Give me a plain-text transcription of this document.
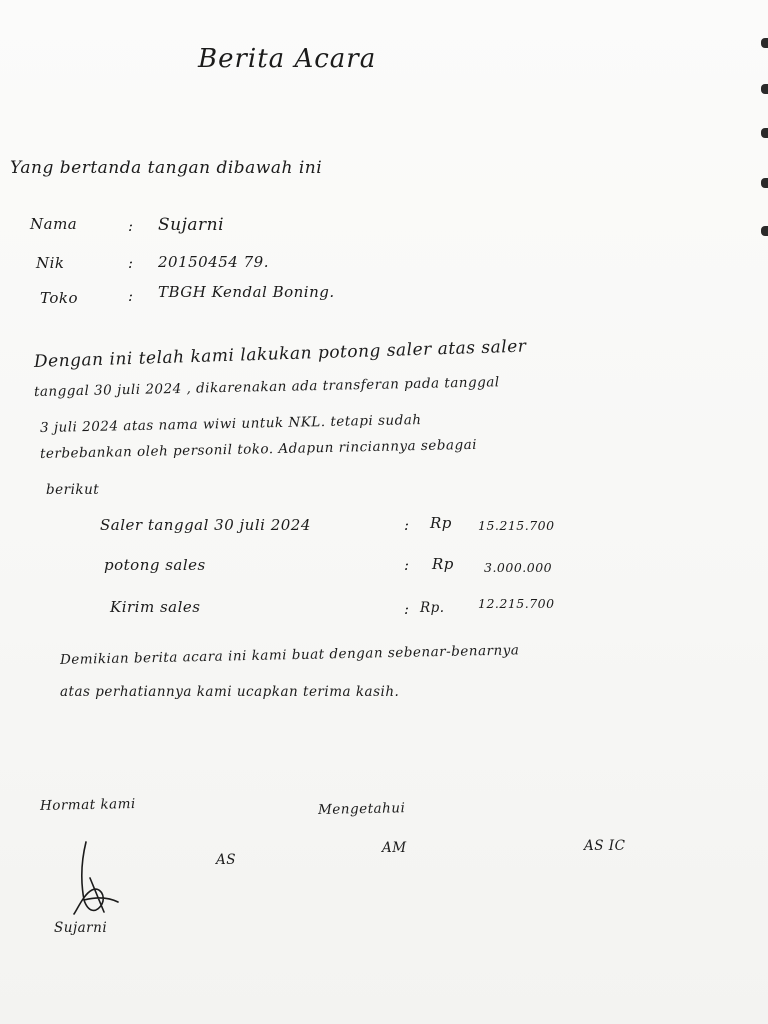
Berita Acara
Yang bertanda tangan dibawah ini
Nama	: Sujarni
Nik	: 20150454 79.
Toko	: TBGH Kendal Boning.
Dengan ini telah kami lakukan potong saler atas saler
tanggal 30 juli 2024 , dikarenakan ada transferan pada tanggal
3 juli 2024 atas nama wiwi untuk NKL. tetapi sudah
terbebankan oleh personil toko. Adapun rinciannya sebagai
berikut
Saler tanggal 30 juli 2024	: Rp 15.215.700
potong sales	: Rp 3.000.000
Kirim sales	: Rp.	12.215.700
Demikian berita acara ini kami buat dengan sebenar-benarnya
atas perhatiannya kami ucapkan terima kasih.
Hormat kami	Mengetahui
AS
AM	AS IC
Sujarni
